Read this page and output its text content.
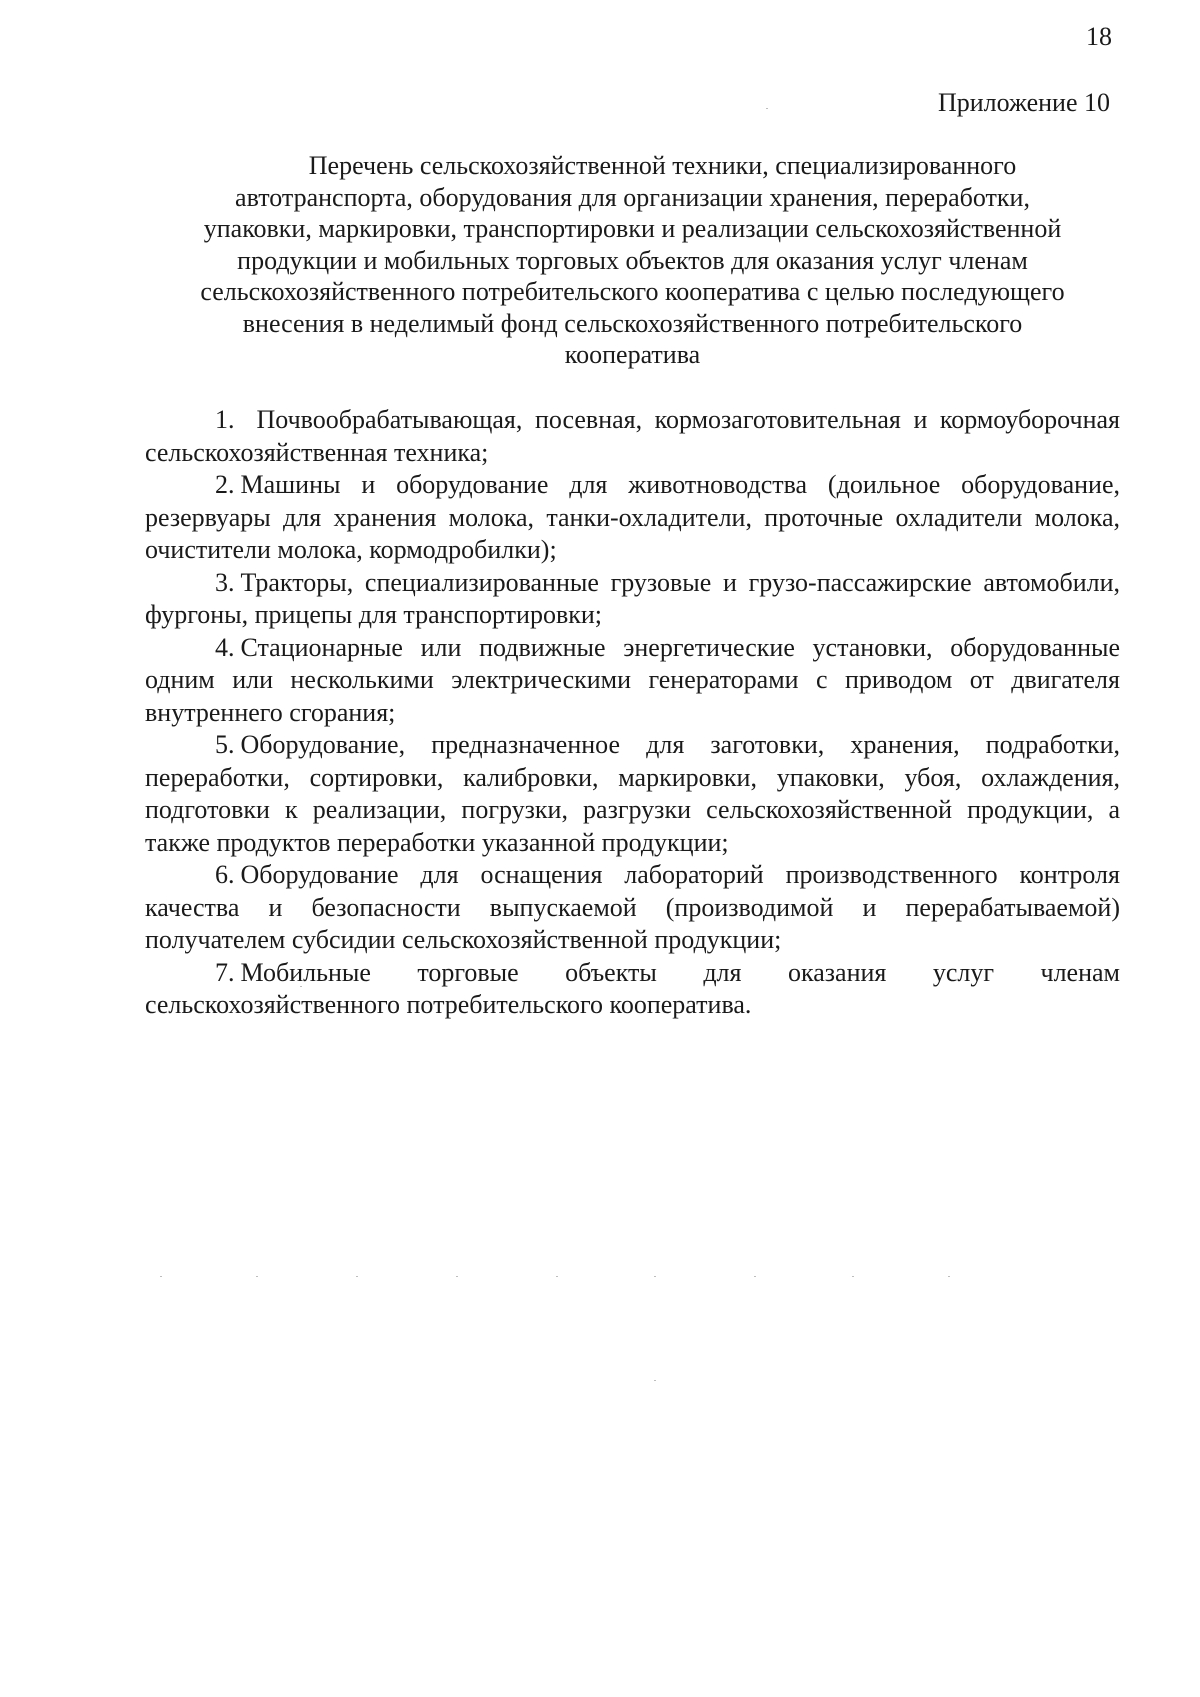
18
Приложение 10
Перечень сельскохозяйственной техники, специализированного
автотранспорта, оборудования для организации хранения, переработки,
упаковки, маркировки, транспортировки и реализации сельскохозяйственной
продукции и мобильных торговых объектов для оказания услуг членам
сельскохозяйственного потребительского кооператива с целью последующего
внесения в неделимый фонд сельскохозяйственного потребительского
кооператива

1. Почвообрабатывающая, посевная, кормозаготовительная и кормоуборочная сельскохозяйственная техника;

2. Машины и оборудование для животноводства (доильное оборудование, резервуары для хранения молока, танки-охладители, проточные охладители молока, очистители молока, кормодробилки);

3. Тракторы, специализированные грузовые и грузо-пассажирские автомобили, фургоны, прицепы для транспортировки;

4. Стационарные или подвижные энергетические установки, оборудованные одним или несколькими электрическими генераторами с приводом от двигателя внутреннего сгорания;

5. Оборудование, предназначенное для заготовки, хранения, подработки, переработки, сортировки, калибровки, маркировки, упаковки, убоя, охлаждения, подготовки к реализации, погрузки, разгрузки сельскохозяйственной продукции, а также продуктов переработки указанной продукции;

6. Оборудование для оснащения лабораторий производственного контроля качества и безопасности выпускаемой (производимой и перерабатываемой) получателем субсидии сельскохозяйственной продукции;

7. Мобильные торговые объекты для оказания услуг членам сельскохозяйственного потребительского кооператива.
